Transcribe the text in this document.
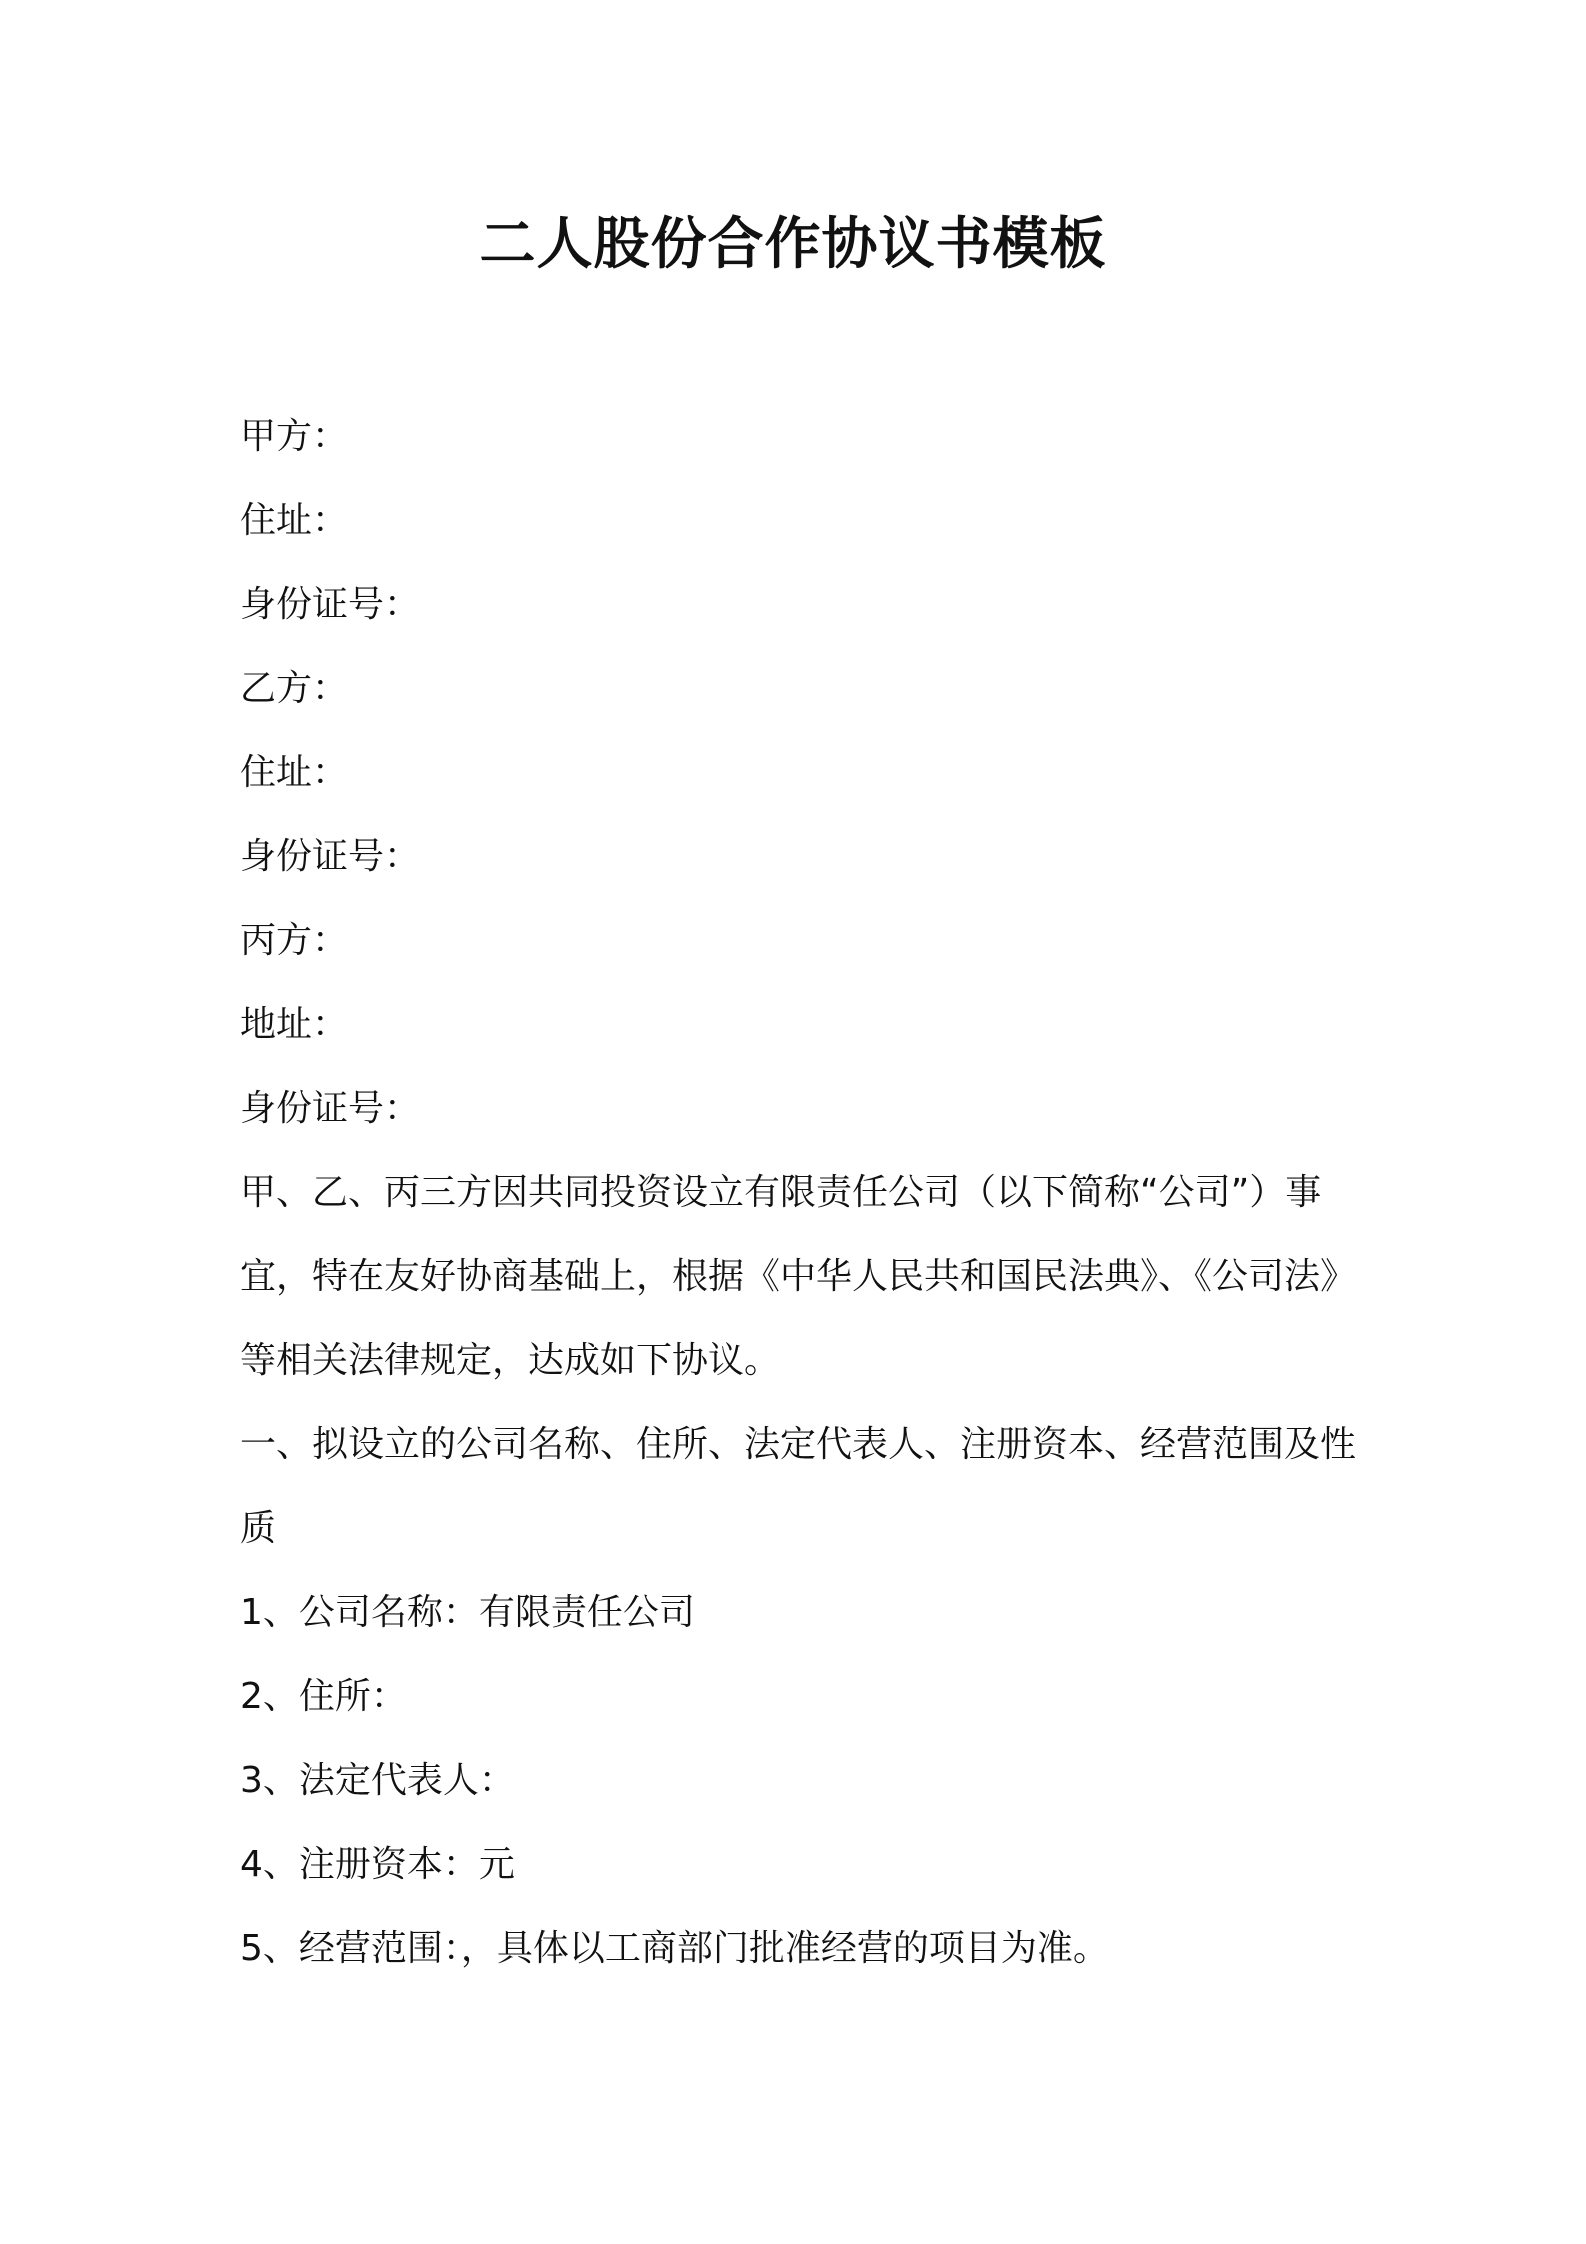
二人股份合作协议书模板
甲方：
住址：
身份证号：
乙方：
住址：
身份证号：
丙方：
地址：
身份证号：
甲、乙、丙三方因共同投资设立有限责任公司（以下简称“公司”）事宜，特在友好协商基础上，根据《中华人民共和国民法典》、《公司法》等相关法律规定，达成如下协议。
一、拟设立的公司名称、住所、法定代表人、注册资本、经营范围及性质
1、公司名称：有限责任公司
2、住所：
3、法定代表人：
4、注册资本：元
5、经营范围：，具体以工商部门批准经营的项目为准。
